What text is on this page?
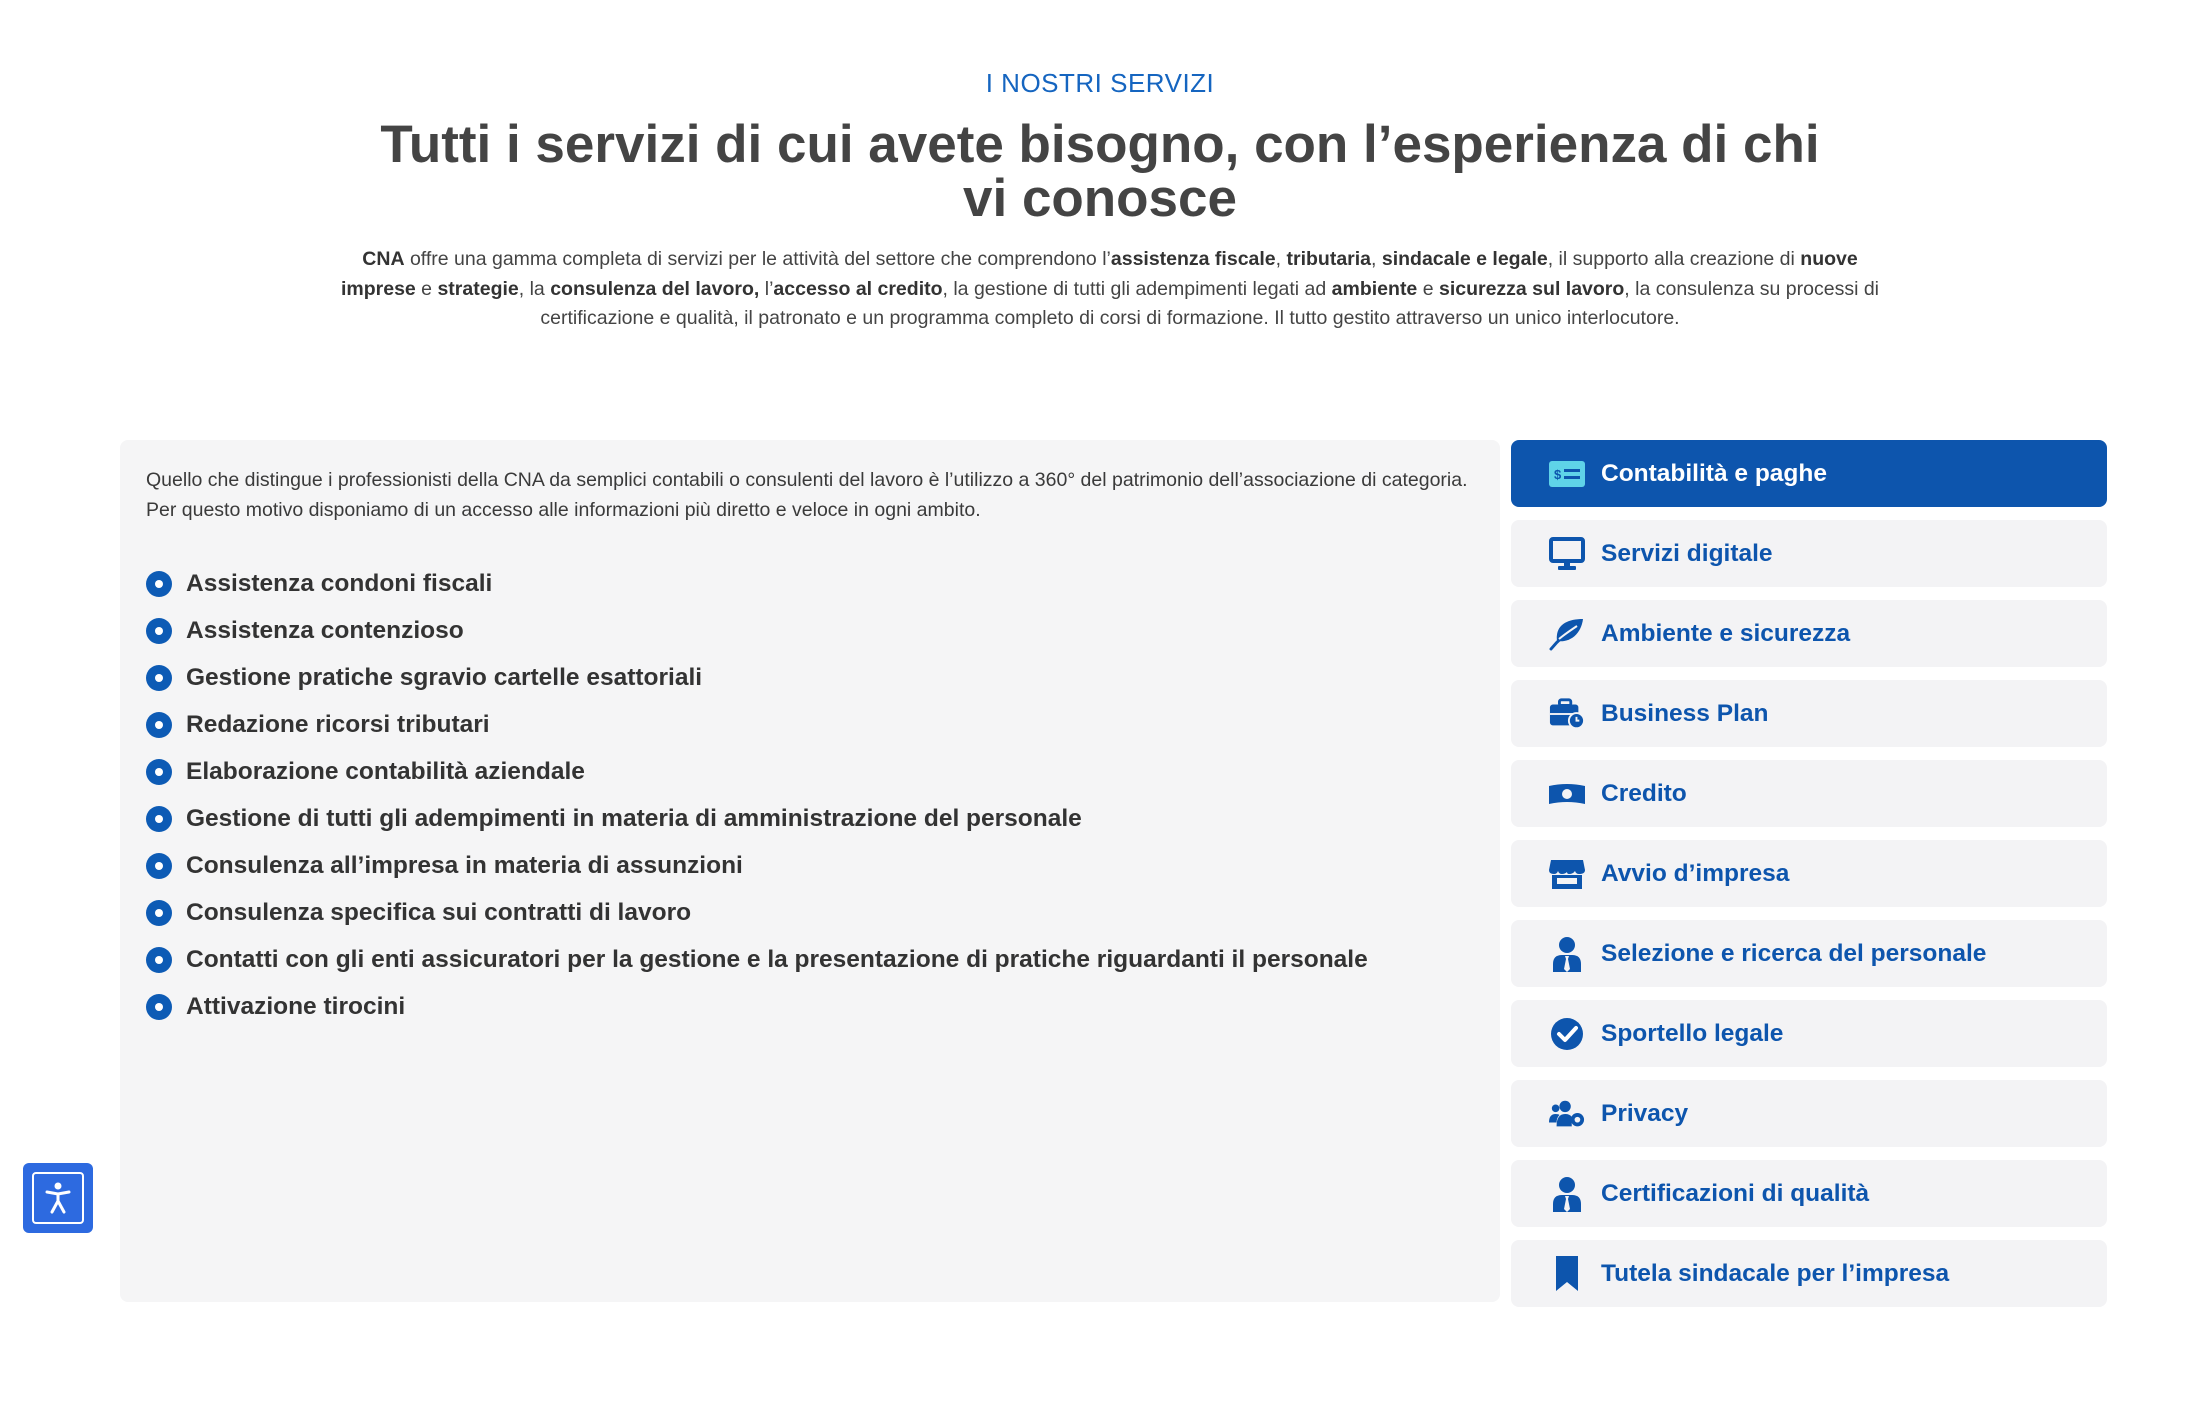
I NOSTRI SERVIZI
Tutti i servizi di cui avete bisogno, con l’esperienza di chi vi conosce

CNA offre una gamma completa di servizi per le attività del settore che comprendono l’assistenza fiscale, tributaria, sindacale e legale, il supporto alla creazione di nuove imprese e strategie, la consulenza del lavoro, l’accesso al credito, la gestione di tutti gli adempimenti legati ad ambiente e sicurezza sul lavoro, la consulenza su processi di certificazione e qualità, il patronato e un programma completo di corsi di formazione. Il tutto gestito attraverso un unico interlocutore.

Quello che distingue i professionisti della CNA da semplici contabili o consulenti del lavoro è l’utilizzo a 360° del patrimonio dell’associazione di categoria. Per questo motivo disponiamo di un accesso alle informazioni più diretto e veloce in ogni ambito.
Assistenza condoni fiscali
Assistenza contenzioso
Gestione pratiche sgravio cartelle esattoriali
Redazione ricorsi tributari
Elaborazione contabilità aziendale
Gestione di tutti gli adempimenti in materia di amministrazione del personale
Consulenza all’impresa in materia di assunzioni
Consulenza specifica sui contratti di lavoro
Contatti con gli enti assicuratori per la gestione e la presentazione di pratiche riguardanti il personale
Attivazione tirocini
$ Contabilità e paghe
Servizi digitale
Ambiente e sicurezza
Business Plan
Credito
Avvio d’impresa
Selezione e ricerca del personale
Sportello legale
Privacy
Certificazioni di qualità
Tutela sindacale per l’impresa
